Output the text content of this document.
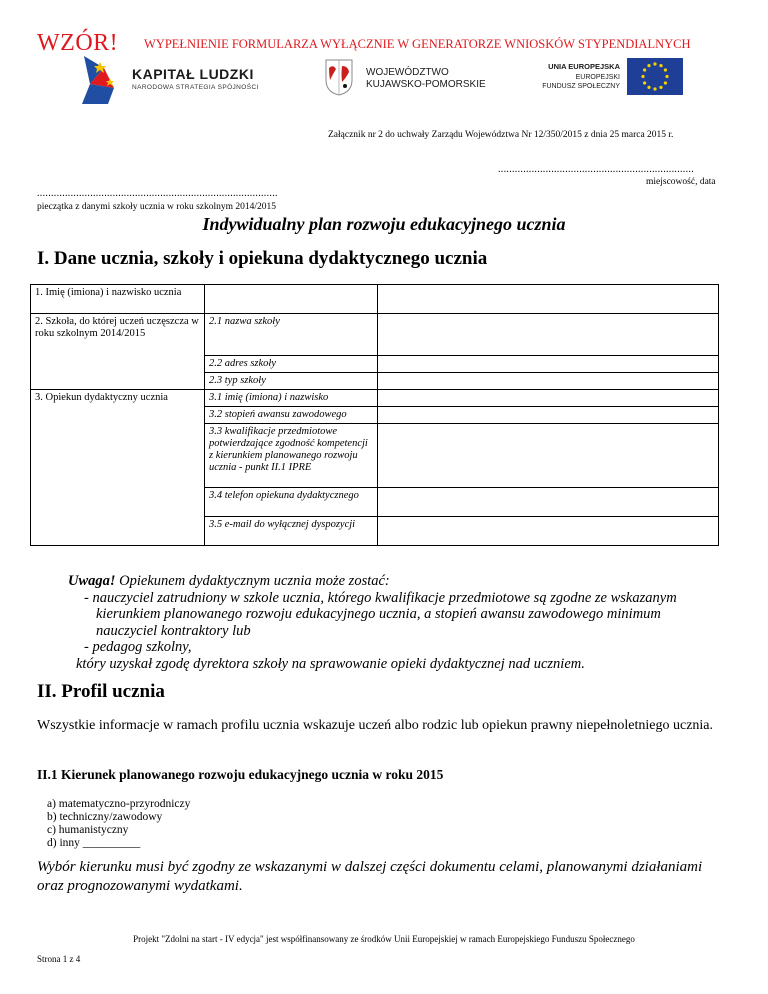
WZÓR! WYPEŁNIENIE FORMULARZA WYŁĄCZNIE W GENERATORZE WNIOSKÓW STYPENDIALNYCH
KAPITAŁ LUDZKI
NARODOWA STRATEGIA SPÓJNOŚCI
WOJEWÓDZTWO
KUJAWSKO-POMORSKIE
UNIA EUROPEJSKA
EUROPEJSKI
FUNDUSZ SPOŁECZNY
Załącznik nr 2 do uchwały Zarządu Województwa Nr 12/350/2015 z dnia 25 marca 2015 r.
......................................................................
miejscowość, data
......................................................................................
pieczątka z danymi szkoły ucznia w roku szkolnym 2014/2015
Indywidualny plan rozwoju edukacyjnego ucznia
I. Dane ucznia, szkoły i opiekuna dydaktycznego ucznia
1. Imię (imiona) i nazwisko ucznia		
2. Szkoła, do której uczeń uczęszcza w roku szkolnym 2014/2015	2.1 nazwa szkoły	
	2.2 adres szkoły	
	2.3 typ szkoły	
3. Opiekun dydaktyczny ucznia	3.1 imię (imiona) i nazwisko	
	3.2 stopień awansu zawodowego	
	3.3 kwalifikacje przedmiotowe potwierdzające zgodność kompetencji z kierunkiem planowanego rozwoju ucznia - punkt II.1 IPRE	
	3.4 telefon opiekuna dydaktycznego	
	3.5 e-mail do wyłącznej dyspozycji	
Uwaga! Opiekunem dydaktycznym ucznia może zostać:
- nauczyciel zatrudniony w szkole ucznia, którego kwalifikacje przedmiotowe są zgodne ze wskazanym
kierunkiem planowanego rozwoju edukacyjnego ucznia, a stopień awansu zawodowego minimum
nauczyciel kontraktory lub
- pedagog szkolny,
który uzyskał zgodę dyrektora szkoły na sprawowanie opieki dydaktycznej nad uczniem.
II. Profil ucznia
Wszystkie informacje w ramach profilu ucznia wskazuje uczeń albo rodzic lub opiekun prawny niepełnoletniego ucznia.
II.1 Kierunek planowanego rozwoju edukacyjnego ucznia w roku 2015
a) matematyczno-przyrodniczy
b) techniczny/zawodowy
c) humanistyczny
d) inny __________
Wybór kierunku musi być zgodny ze wskazanymi w dalszej części dokumentu celami, planowanymi działaniami oraz prognozowanymi wydatkami.
Projekt "Zdolni na start - IV edycja" jest współfinansowany ze środków Unii Europejskiej w ramach Europejskiego Funduszu Społecznego
Strona 1 z 4
